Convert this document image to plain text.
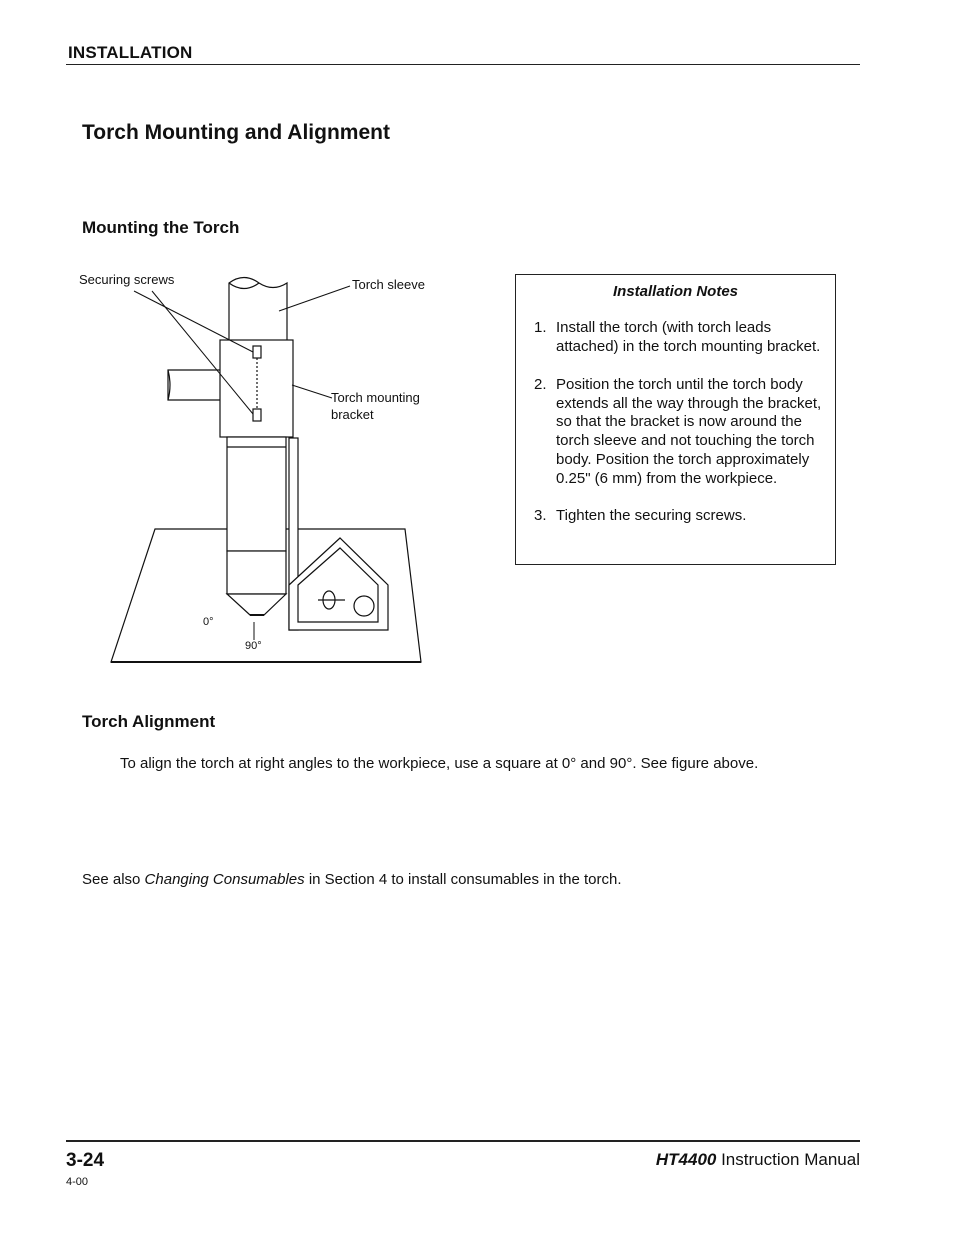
INSTALLATION
Torch Mounting and Alignment
Mounting the Torch
Securing screws	Torch sleeve
Torch mounting
bracket
0°
90°
Installation Notes
1. Install the torch (with torch leads attached) in the torch mounting bracket.
2. Position the torch until the torch body extends all the way through the bracket, so that the bracket is now around the torch sleeve and not touching the torch body. Position the torch approximately 0.25" (6 mm) from the workpiece.
3. Tighten the securing screws.
Torch Alignment
To align the torch at right angles to the workpiece, use a square at 0° and 90°. See figure above.
See also Changing Consumables in Section 4 to install consumables in the torch.
3-24
4-00
HT4400 Instruction Manual
